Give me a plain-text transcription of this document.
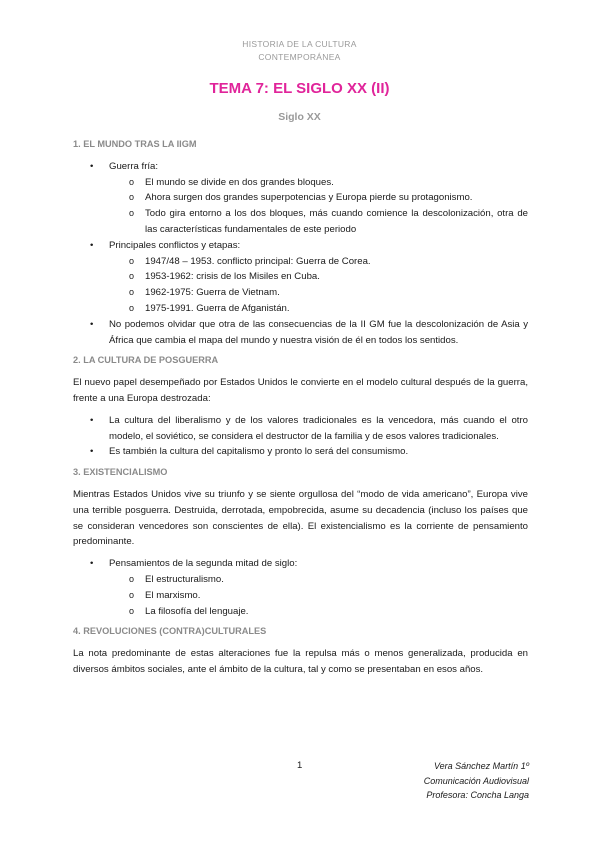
HISTORIA DE LA CULTURA
CONTEMPORÁNEA
TEMA 7: EL SIGLO XX (II)
Siglo XX
1. EL MUNDO TRAS LA IIGM
• Guerra fría:
o El mundo se divide en dos grandes bloques.
o Ahora surgen dos grandes superpotencias y Europa pierde su protagonismo.
o Todo gira entorno a los dos bloques, más cuando comience la descolonización, otra de las características fundamentales de este periodo
• Principales conflictos y etapas:
o 1947/48 – 1953. conflicto principal: Guerra de Corea.
o 1953-1962: crisis de los Misiles en Cuba.
o 1962-1975: Guerra de Vietnam.
o 1975-1991. Guerra de Afganistán.
• No podemos olvidar que otra de las consecuencias de la II GM fue la descolonización de Asia y África que cambia el mapa del mundo y nuestra visión de él en todos los sentidos.
2. LA CULTURA DE POSGUERRA

El nuevo papel desempeñado por Estados Unidos le convierte en el modelo cultural después de la guerra, frente a una Europa destrozada:

• La cultura del liberalismo y de los valores tradicionales es la vencedora, más cuando el otro modelo, el soviético, se considera el destructor de la familia y de esos valores tradicionales.
• Es también la cultura del capitalismo y pronto lo será del consumismo.
3. EXISTENCIALISMO

Mientras Estados Unidos vive su triunfo y se siente orgullosa del “modo de vida americano”, Europa vive una terrible posguerra. Destruida, derrotada, empobrecida, asume su decadencia (incluso los países que se consideran vencedores son conscientes de ella). El existencialismo es la corriente de pensamiento predominante.

• Pensamientos de la segunda mitad de siglo:
o El estructuralismo.
o El marxismo.
o La filosofía del lenguaje.
4. REVOLUCIONES (CONTRA)CULTURALES

La nota predominante de estas alteraciones fue la repulsa más o menos generalizada, producida en diversos ámbitos sociales, ante el ámbito de la cultura, tal y como se presentaban en esos años.

1	Vera Sánchez Martín 1º
Comunicación Audiovisual
Profesora: Concha Langa
